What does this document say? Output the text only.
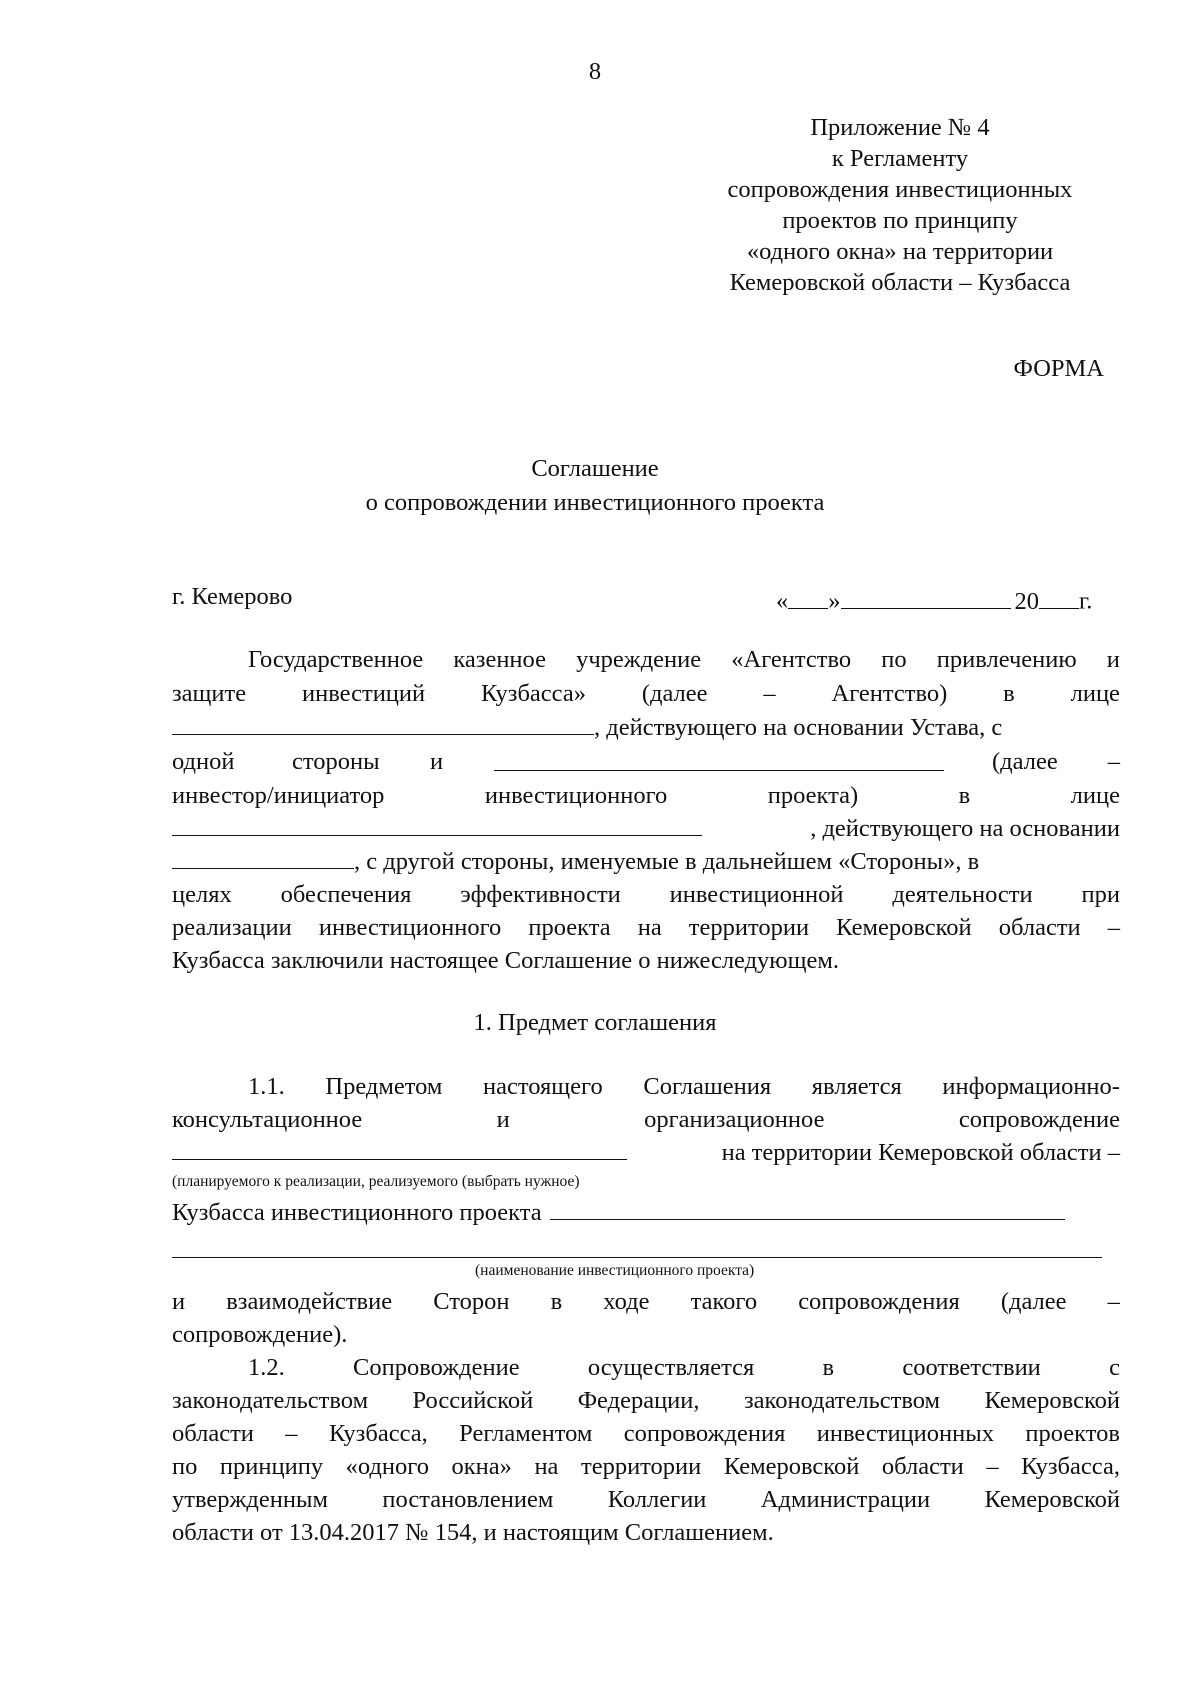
8
Приложение № 4
к Регламенту
сопровождения инвестиционных
проектов по принципу
«одного окна» на территории
Кемеровской области – Кузбасса
ФОРМА
Соглашение
о сопровождении инвестиционного проекта
г. Кемерово	« »	20 г.
Государственное казенное учреждение «Агентство по привлечению и
защите инвестиций Кузбасса» (далее – Агентство) в лице
, действующего на основании Устава, с
одной стороны и	(далее –
инвестор/инициатор	инвестиционного	проекта)	в	лице
, действующего на основании
, с другой стороны, именуемые в дальнейшем «Стороны», в
целях обеспечения эффективности инвестиционной деятельности при
реализации инвестиционного проекта на территории Кемеровской области –
Кузбасса заключили настоящее Соглашение о нижеследующем.
1. Предмет соглашения
1.1. Предметом настоящего Соглашения является информационно-
консультационное	и	организационное	сопровождение
на территории Кемеровской области –
(планируемого к реализации, реализуемого (выбрать нужное)
Кузбасса инвестиционного проекта
(наименование инвестиционного проекта)
и взаимодействие Сторон в ходе такого сопровождения (далее –
сопровождение).
1.2.	Сопровождение	осуществляется	в	соответствии	с
законодательством Российской Федерации, законодательством Кемеровской
области – Кузбасса, Регламентом сопровождения инвестиционных проектов
по принципу «одного окна» на территории Кемеровской области – Кузбасса,
утвержденным постановлением Коллегии Администрации Кемеровской
области от 13.04.2017 № 154, и настоящим Соглашением.
